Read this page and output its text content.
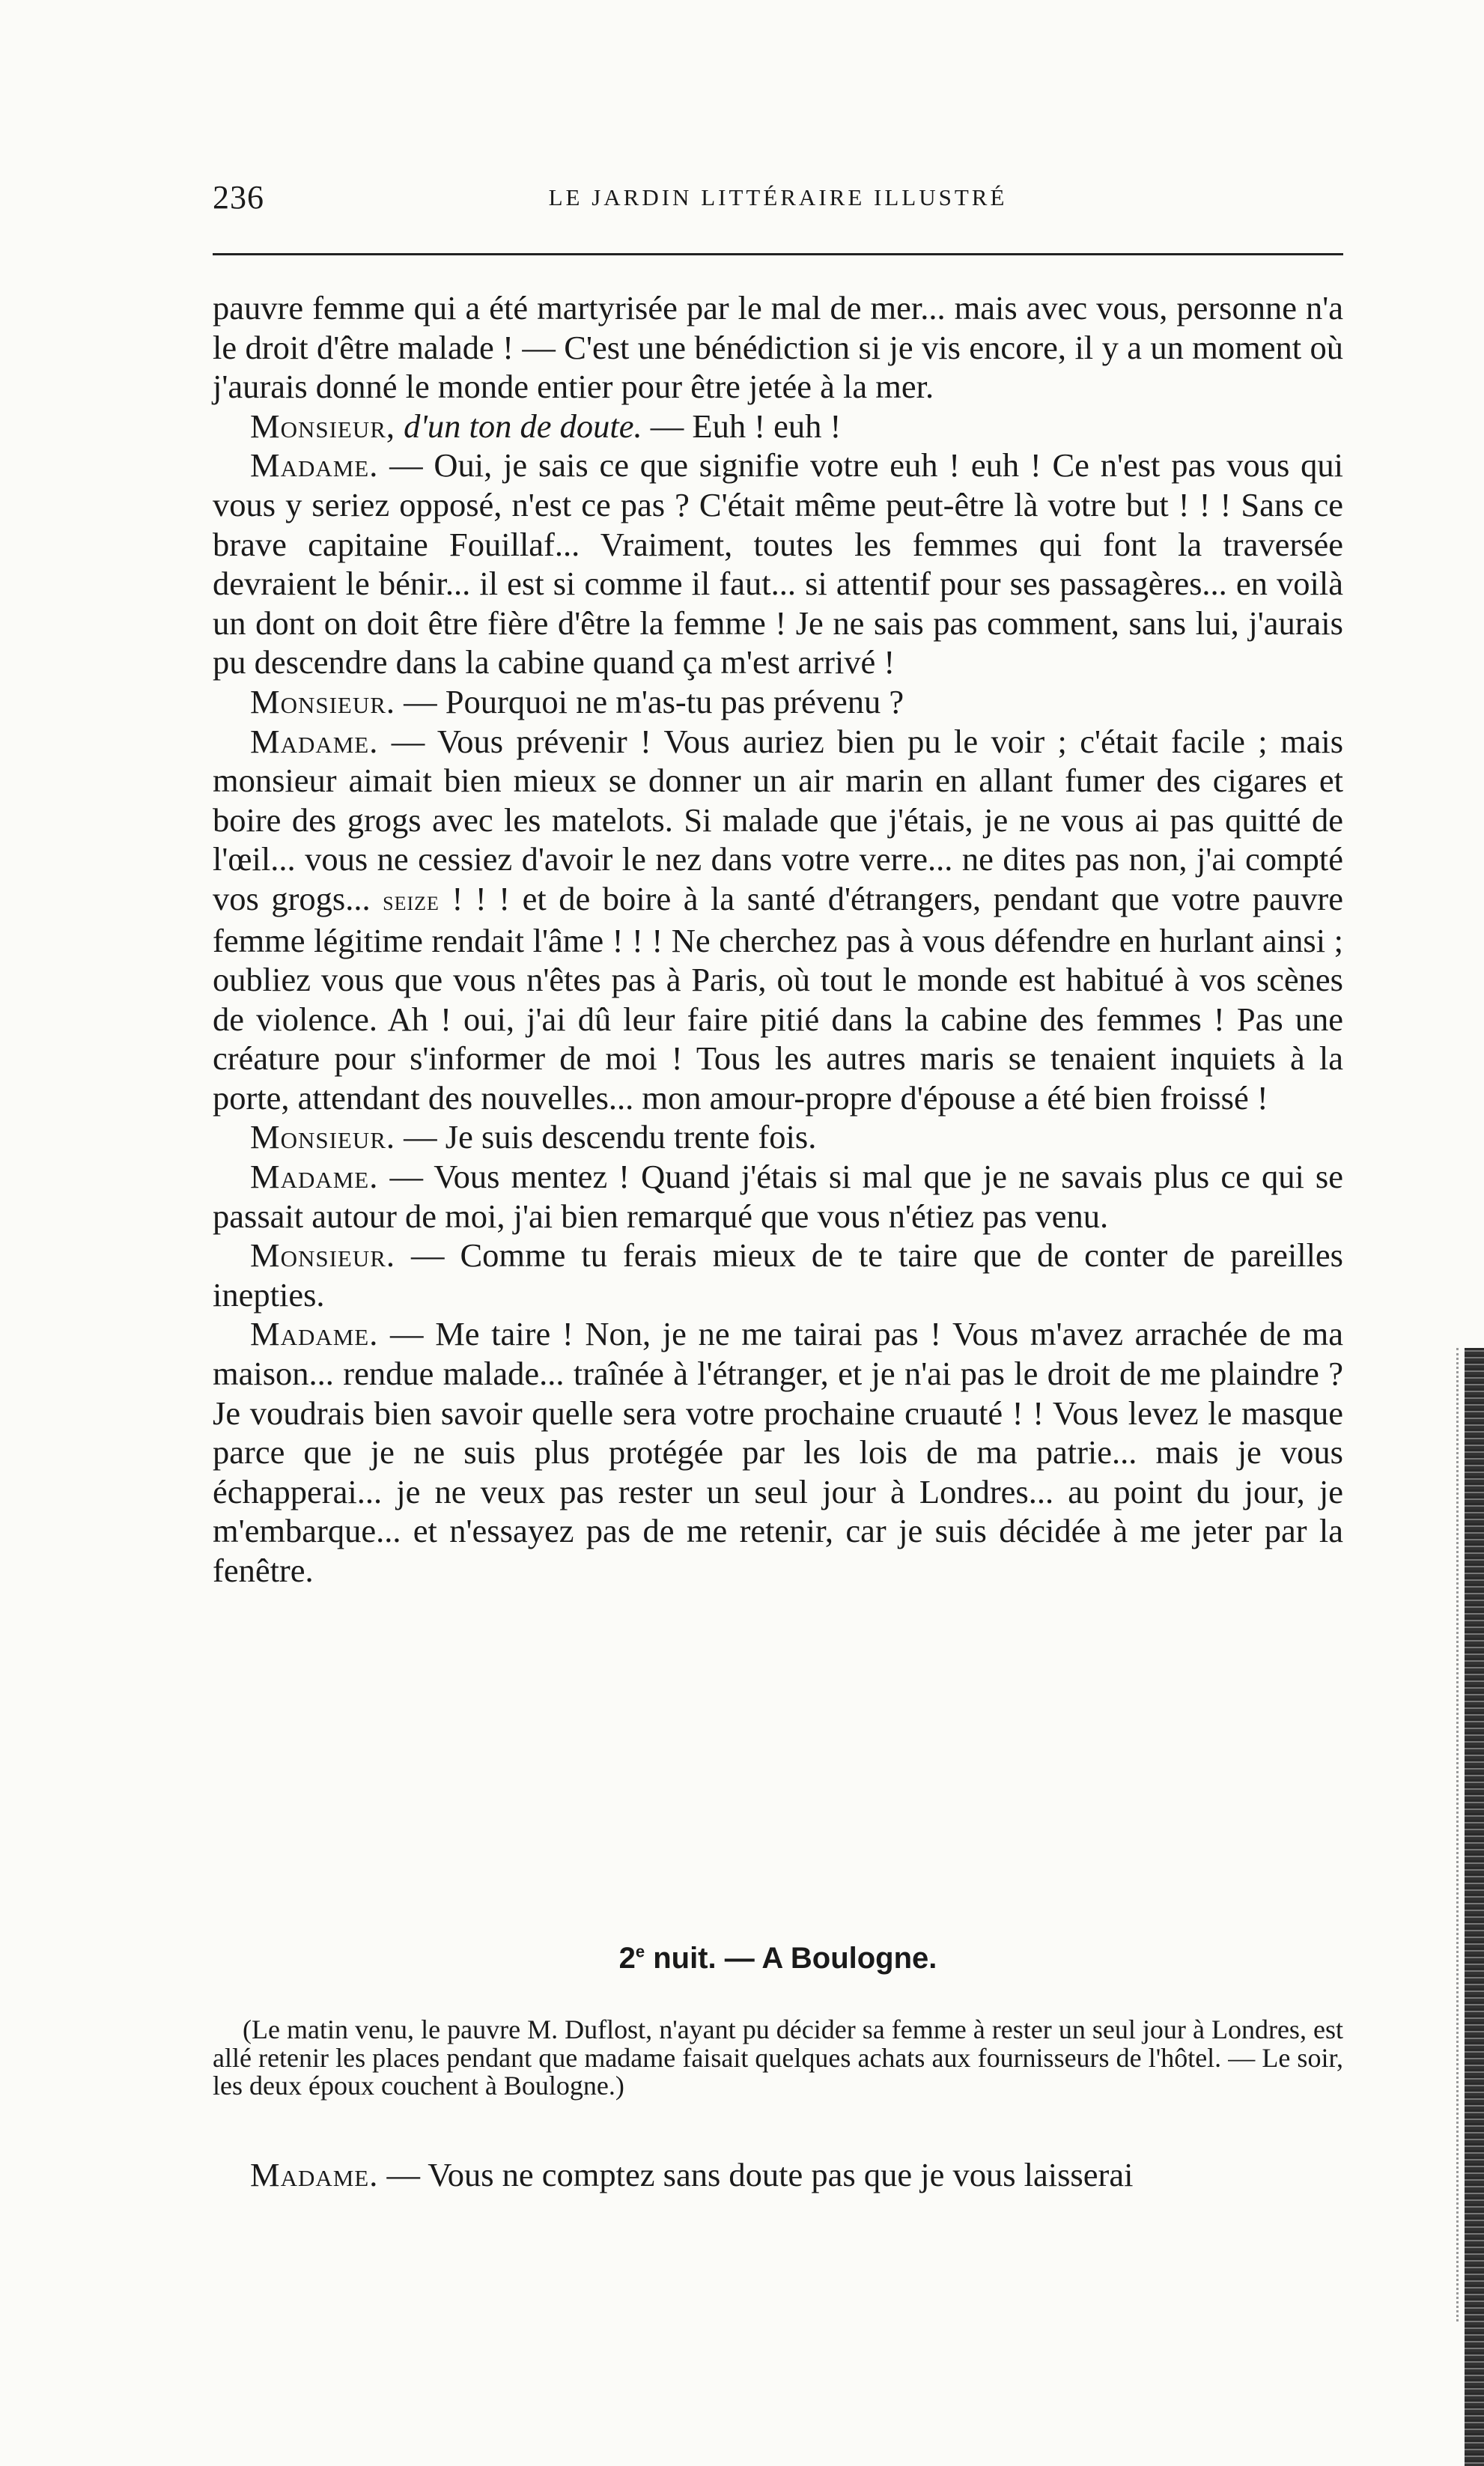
236	LE JARDIN LITTÉRAIRE ILLUSTRÉ

pauvre femme qui a été martyrisée par le mal de mer... mais avec vous, personne n'a le droit d'être malade ! — C'est une bénédiction si je vis encore, il y a un moment où j'aurais donné le monde entier pour être jetée à la mer.

Monsieur, d'un ton de doute. — Euh ! euh !

Madame. — Oui, je sais ce que signifie votre euh ! euh ! Ce n'est pas vous qui vous y seriez opposé, n'est ce pas ? C'était même peut-être là votre but ! ! ! Sans ce brave capitaine Fouillaf... Vraiment, toutes les femmes qui font la traversée devraient le bénir... il est si comme il faut... si attentif pour ses passagères... en voilà un dont on doit être fière d'être la femme ! Je ne sais pas comment, sans lui, j'aurais pu descendre dans la cabine quand ça m'est arrivé !

Monsieur. — Pourquoi ne m'as-tu pas prévenu ?

Madame. — Vous prévenir ! Vous auriez bien pu le voir ; c'était facile ; mais monsieur aimait bien mieux se donner un air marin en allant fumer des cigares et boire des grogs avec les matelots. Si malade que j'étais, je ne vous ai pas quitté de l'œil... vous ne cessiez d'avoir le nez dans votre verre... ne dites pas non, j'ai compté vos grogs... seize ! ! ! et de boire à la santé d'étrangers, pendant que votre pauvre femme légitime rendait l'âme ! ! ! Ne cherchez pas à vous défendre en hurlant ainsi ; oubliez vous que vous n'êtes pas à Paris, où tout le monde est habitué à vos scènes de violence. Ah ! oui, j'ai dû leur faire pitié dans la cabine des femmes ! Pas une créature pour s'informer de moi ! Tous les autres maris se tenaient inquiets à la porte, attendant des nouvelles... mon amour-propre d'épouse a été bien froissé !

Monsieur. — Je suis descendu trente fois.

Madame. — Vous mentez ! Quand j'étais si mal que je ne savais plus ce qui se passait autour de moi, j'ai bien remarqué que vous n'étiez pas venu.

Monsieur. — Comme tu ferais mieux de te taire que de conter de pareilles inepties.

Madame. — Me taire ! Non, je ne me tairai pas ! Vous m'avez arrachée de ma maison... rendue malade... traînée à l'étranger, et je n'ai pas le droit de me plaindre ? Je voudrais bien savoir quelle sera votre prochaine cruauté ! ! Vous levez le masque parce que je ne suis plus protégée par les lois de ma patrie... mais je vous échapperai... je ne veux pas rester un seul jour à Londres... au point du jour, je m'embarque... et n'essayez pas de me retenir, car je suis décidée à me jeter par la fenêtre.

2e nuit. — A Boulogne.

(Le matin venu, le pauvre M. Duflost, n'ayant pu décider sa femme à rester un seul jour à Londres, est allé retenir les places pendant que madame faisait quelques achats aux fournisseurs de l'hôtel. — Le soir, les deux époux couchent à Boulogne.)

Madame. — Vous ne comptez sans doute pas que je vous laisserai
